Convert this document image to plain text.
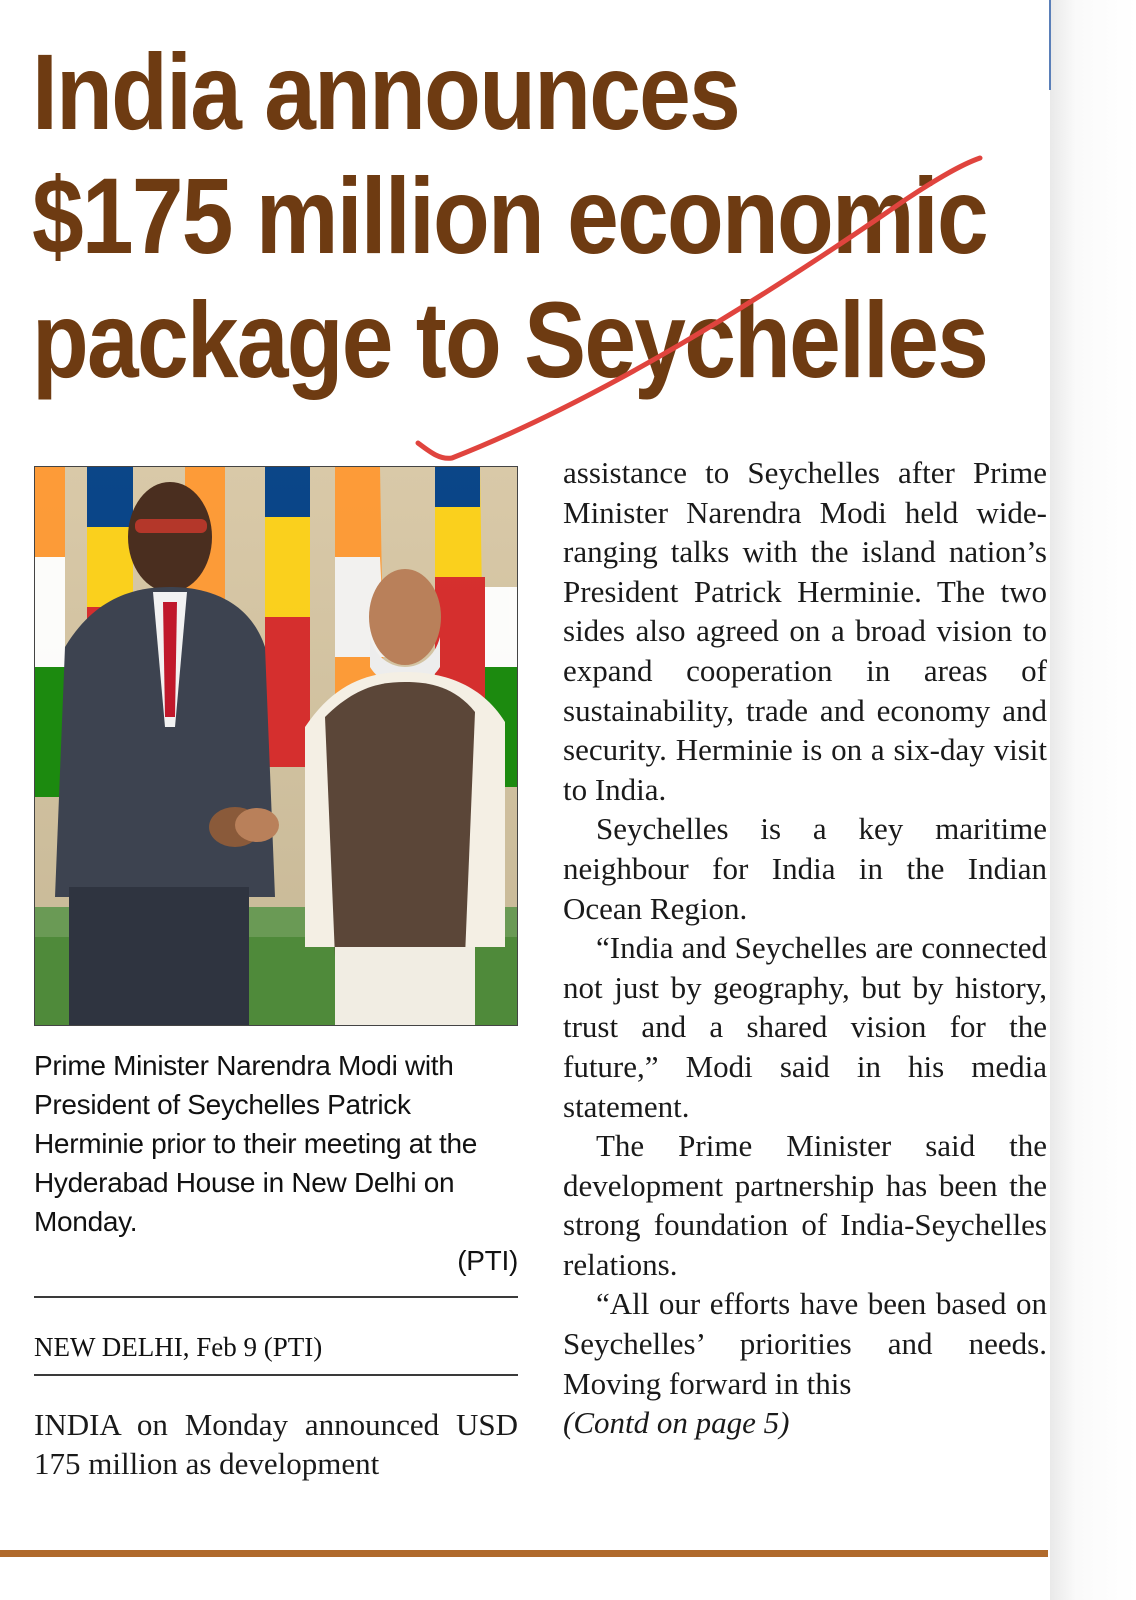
India announces
$175 million economic
package to Seychelles

Prime Minister Narendra Modi with President of Seychelles Patrick Herminie prior to their meeting at the Hyderabad House in New Delhi on Monday.
(PTI)

NEW DELHI, Feb 9 (PTI)

INDIA on Monday announced USD 175 million as development

assistance to Seychelles after Prime Minister Narendra Modi held wide-ranging talks with the island nation’s President Patrick Herminie. The two sides also agreed on a broad vision to expand cooperation in areas of sustainability, trade and economy and security. Herminie is on a six-day visit to India.

Seychelles is a key maritime neighbour for India in the Indian Ocean Region.

“India and Seychelles are connected not just by geography, but by history, trust and a shared vision for the future,” Modi said in his media statement.

The Prime Minister said the development partnership has been the strong foundation of India-Seychelles relations.

“All our efforts have been based on Seychelles’ priorities and needs. Moving forward in this

(Contd on page 5)
